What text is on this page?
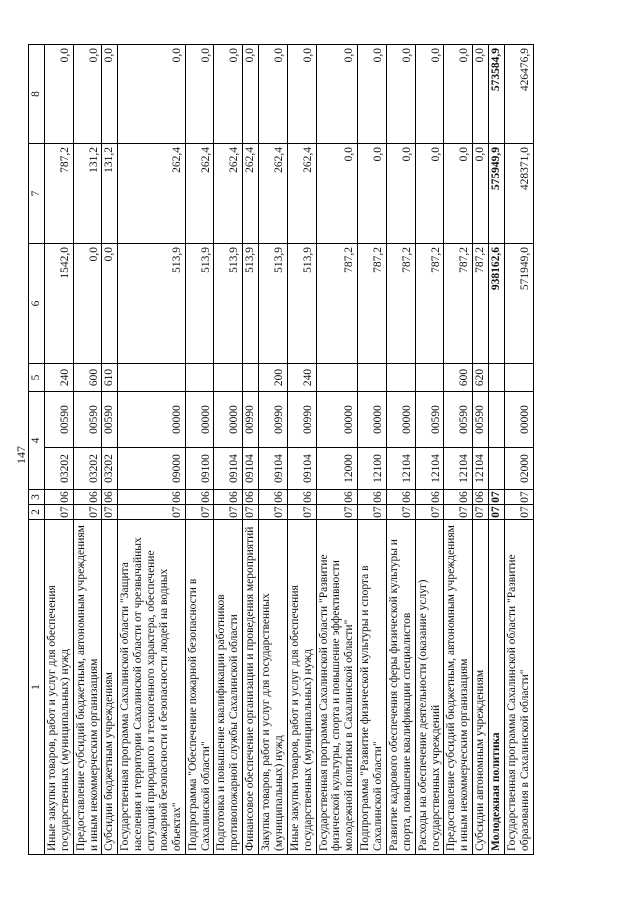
147
1	2	3	4		5	6	7	8
Иные закупки товаров, работ и услуг для обеспечения государственных (муниципальных) нужд	07	06	03202	00590	240	1542,0	787,2	0,0
Предоставление субсидий бюджетным, автономным учреждениям и иным некоммерческим организациям	07	06	03202	00590	600	0,0	131,2	0,0
Субсидии бюджетным учреждениям	07	06	03202	00590	610	0,0	131,2	0,0
Государственная программа Сахалинской области "Защита населения и территории Сахалинской области от чрезвычайных ситуаций природного и техногенного характера, обеспечение пожарной безопасности и безопасности людей на водных объектах"	07	06	09000	00000		513,9	262,4	0,0
Подпрограмма "Обеспечение пожарной безопасности в Сахалинской области"	07	06	09100	00000		513,9	262,4	0,0
Подготовка и повышение квалификации работников противопожарной службы Сахалинской области	07	06	09104	00000		513,9	262,4	0,0
Финансовое обеспечение организации и проведения мероприятий	07	06	09104	00990		513,9	262,4	0,0
Закупка товаров, работ и услуг для государственных (муниципальных) нужд	07	06	09104	00990	200	513,9	262,4	0,0
Иные закупки товаров, работ и услуг для обеспечения государственных (муниципальных) нужд	07	06	09104	00990	240	513,9	262,4	0,0
Государственная программа Сахалинской области "Развитие физической культуры, спорта и повышение эффективности молодежной политики в Сахалинской области"	07	06	12000	00000		787,2	0,0	0,0
Подпрограмма "Развитие физической культуры и спорта в Сахалинской области"	07	06	12100	00000		787,2	0,0	0,0
Развитие кадрового обеспечения сферы физической культуры и спорта, повышение квалификации специалистов	07	06	12104	00000		787,2	0,0	0,0
Расходы на обеспечение деятельности (оказание услуг) государственных учреждений	07	06	12104	00590		787,2	0,0	0,0
Предоставление субсидий бюджетным, автономным учреждениям и иным некоммерческим организациям	07	06	12104	00590	600	787,2	0,0	0,0
Субсидии автономным учреждениям	07	06	12104	00590	620	787,2	0,0	0,0
Молодежная политика	07	07				938162,6	575949,9	573584,9
Государственная программа Сахалинской области "Развитие образования в Сахалинской области"	07	07	02000	00000		571949,0	428371,0	426476,9
